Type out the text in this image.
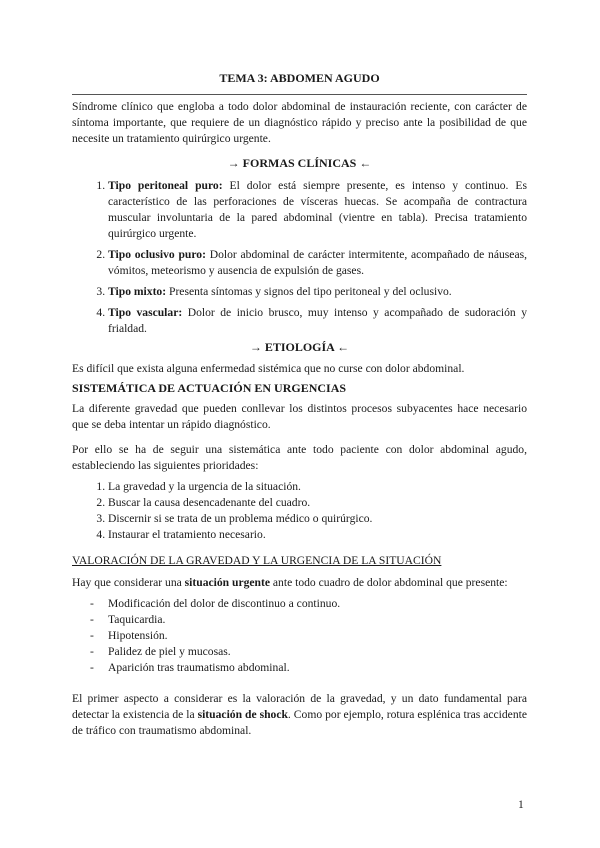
TEMA 3: ABDOMEN AGUDO

Síndrome clínico que engloba a todo dolor abdominal de instauración reciente, con carácter de síntoma importante, que requiere de un diagnóstico rápido y preciso ante la posibilidad de que necesite un tratamiento quirúrgico urgente.

→ FORMAS CLÍNICAS ←

1. Tipo peritoneal puro: El dolor está siempre presente, es intenso y continuo. Es característico de las perforaciones de vísceras huecas. Se acompaña de contractura muscular involuntaria de la pared abdominal (vientre en tabla). Precisa tratamiento quirúrgico urgente.
2. Tipo oclusivo puro: Dolor abdominal de carácter intermitente, acompañado de náuseas, vómitos, meteorismo y ausencia de expulsión de gases.
3. Tipo mixto: Presenta síntomas y signos del tipo peritoneal y del oclusivo.
4. Tipo vascular: Dolor de inicio brusco, muy intenso y acompañado de sudoración y frialdad.

→ ETIOLOGÍA ←

Es difícil que exista alguna enfermedad sistémica que no curse con dolor abdominal.

SISTEMÁTICA DE ACTUACIÓN EN URGENCIAS

La diferente gravedad que pueden conllevar los distintos procesos subyacentes hace necesario que se deba intentar un rápido diagnóstico.

Por ello se ha de seguir una sistemática ante todo paciente con dolor abdominal agudo, estableciendo las siguientes prioridades:

1. La gravedad y la urgencia de la situación.
2. Buscar la causa desencadenante del cuadro.
3. Discernir si se trata de un problema médico o quirúrgico.
4. Instaurar el tratamiento necesario.

VALORACIÓN DE LA GRAVEDAD Y LA URGENCIA DE LA SITUACIÓN

Hay que considerar una situación urgente ante todo cuadro de dolor abdominal que presente:

- Modificación del dolor de discontinuo a continuo.
- Taquicardia.
- Hipotensión.
- Palidez de piel y mucosas.
- Aparición tras traumatismo abdominal.

El primer aspecto a considerar es la valoración de la gravedad, y un dato fundamental para detectar la existencia de la situación de shock. Como por ejemplo, rotura esplénica tras accidente de tráfico con traumatismo abdominal.

1
